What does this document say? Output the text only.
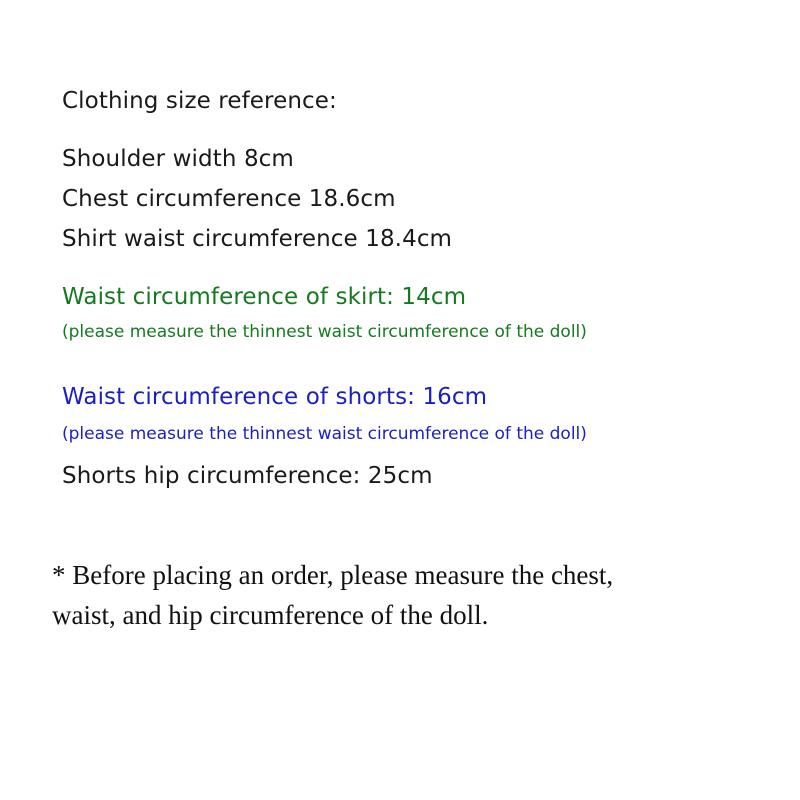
Clothing size reference:
Shoulder width 8cm
Chest circumference 18.6cm
Shirt waist circumference 18.4cm
Waist circumference of skirt: 14cm
(please measure the thinnest waist circumference of the doll)
Waist circumference of shorts: 16cm
(please measure the thinnest waist circumference of the doll)
Shorts hip circumference: 25cm
* Before placing an order, please measure the chest,
waist, and hip circumference of the doll.
